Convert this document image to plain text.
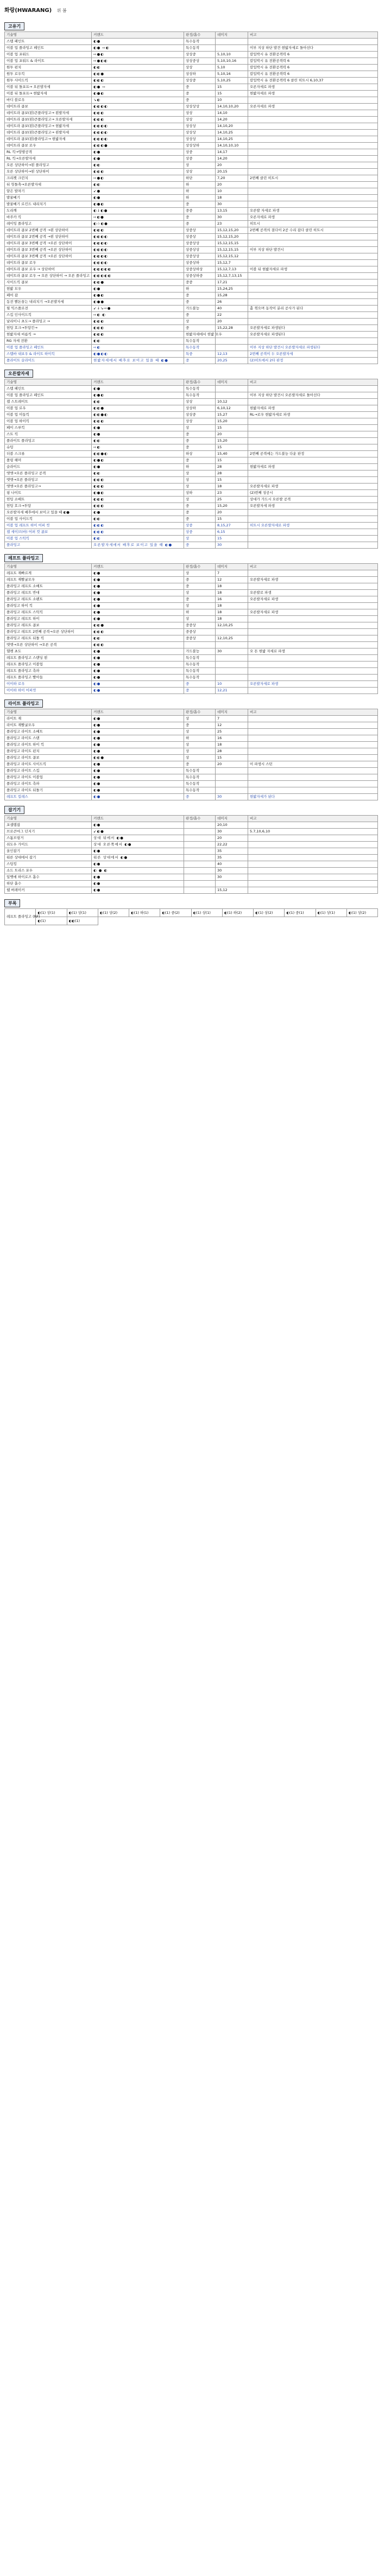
화랑(HWARANG) 위 봄
고유기
기술명	커맨드	판정/흡수	데미지	비고
스텝 페인트	◐●	특수동작		
이블 업 플라밍고 페인트	◐● ⇨◐	특수동작		이부 지상 하단 발견 현밟자세로 돌아선다
이블 업 포워드	⇨●◐	상상중	5,10,10	칼입박시 유 전환공격력 6
이블 업 포워드 & 라이트	⇨●◐◐	상상중상	5,10,10,16	칼입박시 유 전환공격력 6
원투 펀치	◐◐	상상	5,10	칼입박시 유 전환공격력 6
원투 로우킥	◐◐●	상상하	5,10,16	칼입박시 유 전환공격력 6
원투 사이드킥	◐◐◐	상상중	5,10,25	칼입박시 유 전환공격력 6 클린 히트시 6,10,37
이블 뒤 돌포프→ 오른발자세	◐● ⇨	중	15	오른자세로 파생
이블 뒤 돌포프→ 현밟자세	◐●◐	중	15	현밟자세로 파생
바디 블로우	↘◐	중	10	
데이트라 콤보	◐◐◐◐	상상상상	14,10,10,20	오른자세로 파생
데이트라 콤보(왼)큰플라밍고→ 왼발자세	◐◐◐	상상	14,10	
데이트라 콤보(왼)큰플라밍고→ 오른발자세	◐◐◐	상상	14,20	
데이트라 콤보(왼)큰플라밍고→ 현밟자세	◐◐◐◐	상상상	14,10,20	
데이트라 콤보(왼)큰플라밍고→ 왼발자세	◐◐◐◐	상상상	14,10,25	
데이트라 콤보(왼)플라밍고→ 현밟자세	◐◐◐◐	상상상	14,10,25	
데이트라 콤보 로우	◐◐◐●	상상상하	14,10,10,10	
RL 킥→양발공격	◐●	상중	14,17	
RL 킥→오른발자세	◐●	상중	14,20	
오른 상단하이→왼 플라밍고	◐◐	상	20	
오른 상단하이→왼 상단하이	◐◐◐	상상	20,15	
크리켓 크런치	⇨●◐	하단	7,20	2번째 클린 히트시
뒤 헛돌축→오른발자세	◐◐	하	20	
얕은 발차기	↙●	하	10	
발꿀베기	◐●	하	18	
발꿀베기 로킨드 내리치기	◐●◐	중	30	
도리깨	◐↓◐●	중중	13,15	오른발 자세로 파생
바주카 킥	⇨◐●	중	30	오른자세로 파생
레이잉 플라밍고	◐☆◐●	중	23	히트시
데이트라 콤보 2번째 공격 →왼 상단하이	◐◐◐	상중상	15,12,15,20	2번째 공격의 결다이 2공 수리 잡다 클린 히트시
데이트라 콤보 2번째 공격 →왼 상단하이	◐◐◐◐	상중상	15,12,15,20	
데이트라 콤보 3번째 공격 →오른 상단하이	◐◐◐◐	상중상상	15,12,15,15	
데이트라 콤보 3번째 공격 →오른 상단하이	◐◐◐◐	상중상상	15,12,15,15	이부 지상 하단 발견시
데이트라 콤보 3번째 공격 →오른 상단하이	◐◐◐◐	상중상상	15,12,15,12	
데이트라 콤보 로우	◐◐◐◐	상중상하	15,12,7	
데이트라 콤보 로우 → 상단하이	◐◐◐◐◐	상중상하상	15,12,7,13	이블 뒤 현밟자세로 파생
데이트라 콤보 로우 → 오른 상단하이 → 오른 플라밍고	◐◐◐◐◐	상중상하중	15,12,7,13,15	
사이드킥 콤보	◐◐●	중중	17,21	
현밟 모우	◐●	하	15,24,25	
페어 잡	◐●◐	중	15,28	
동전 빨돈꿈는 내리치기 →오른발자세	◐●●	중	26	
윌 익스플로전	↙↓↘⇨●	가드불능	40	홀 꺾으며 동작이 분리 공사가 된다
스킵 인사이드킥	⇨◐ ◐	중	22	
날리이니 초도→ 플라밍고 →	◐◐◐	상	20	
헌팅 호크→투탕킨→	◐◐◐	중	15,22,28	오른발자세로 파생된다
현밟자세 씨름킥 →	◐◐◐	현밟자세에서 헌밟 모우		오른발자세로 파생된다
RG 자세 전환	◐◐	특수동작		
이블 업 플라밍고 페인트	⇨◐	특수동작		이부 지상 하단 발견시 오른발자세로 파생된다
스텝바 내보우 & 라이트 하이킥	◐●◐◐	특중	12,13	2번째 공격이 두 오른발자세
플라이트 슬라이드	현밟자세에서 배후로 보이고 있을 때 ◐●	중	20,25	(2)히트에서 2타 판정
오른발자세
기술명	커맨드	판정/흡수	데미지	비고
스텝 페인트	◐●	특수동작		
이블 업 플라밍고 페인트	◐●◐	특수동작		이부 지상 하단 발견시 오른발자세로 돌아선다
잽 스트레이트	◐◐	상상	10,12	
이블 업 로우	◐◐●	상상하	6,10,12	현밟자세로 파생
이블 업 미들킥	◐◐●◐	상상중	15,27	RL→로우 현밟자세로 파생
이블 업 하이킥	◐◐◐	상상	15,20	
페이 스루킥	◐●	상	15	
스트 킥	◐●	중	20	
플라이트 플라밍고	◐◐	중	15,20	
슈팅	⇨◐	중	15	
더블 스크류	◐◐●◐	하상	15,40	2번째 공격에는 가드불능 다운 판정
폴링 해머	◐●◐	중	15	
슬라이드	◐●	하	28	현밟자세로 파생
엣엣→오른 플라밍고 공격	◐◐	상	28	
엣엣→오른 플라밍고	◐◐◐	상	15	
엣엣→오른 플라밍고→	◐◐◐	상	18	오른발자세로 파생
핑 나이트	◐●◐	상하	23	(2)번째 성공시
헌팅 소배트	◐◐◐	상	25	상대가 가드시 오른발 공격
헌팅 호크→투탕	◐◐◐	중	15,20	오른발자세 파생
오른발자세 배후에서 보이고 있을 때 ◐●	◐●	중	20	
이블 업 사이드킥	◐◐	중	15	
이블 업 레프트 하이 어퍼 컷	◐◐◐	상중	8,15,27	히트시 오른발자세로 파생
잽 세이브(바) 어퍼 컷 콤보	◐◐◐	상중	6,15	
이블 업 스틱킥	◐◐	상	15	
플라밍고	오른발자세에서 배후로 보이고 있을 때 ◐●	중	30	
레프트 플라밍고
기술명	커맨드	판정/흡수	데미지	비고
레프트 재빠르게	◐●	상	7	
레프트 재빨굴모우	◐●	중	12	오른발자세로 파생
플라밍고 레프트 소배트	◐●	중	18	
플라밍고 레프트 반대	◐●	상	18	오른발로 파생
플라밍고 레프트 소펜트	◐●	중	16	오른발자세로 파생
플라밍고 하이 킥	◐●	상	18	
플라밍고 레프트 스틱킥	◐●	하	18	오른발자세로 파생
플라밍고 레프트 하이	◐●	상	18	
플라밍고 레프트 콤보	◐◐●	중중상	12,10,25	
플라밍고 레프트 2번째 공격→오른 상단하이	◐◐◐	중중상		
플라밍고 레프트 뒤돌 킥	◐◐	중중상	12,10,25	
엣엣→오른 상단하이 →오른 공격	◐◐◐			
헬켓 초도	◐●	가드불능	30	오 튼 현밟 자세로 파생
레프트 플라밍고 스탠딩 왼	◐●	특수동작		
레프트 플라밍고 이블업	◐●	특수동작		
레프트 플라밍고 측파	◐●	특수동작		
레프트 플라밍고 빨아들	◐●	특수동작		
이이하 로우	◐●	중	10	오른발자세로 파생
이이하 하이 어퍼컷	◐●	중	12,21	
라이트 플라밍고
기술명	커맨드	판정/흡수	데미지	비고
라이트 재	◐●	상	7	
라이트 재빨굴모우	◐●	중	12	
플라밍고 라이트 소배트	◐●	상	25	
플라밍고 라이트 스탠	◐●	하	16	
플라밍고 라이트 하이 킥	◐●	상	18	
플라밍고 라이트 펀치	◐●	상	28	
플라밍고 라이트 콤보	◐◐●	상	15	
플라밍고 라이트 사이드킥	◐●	중	20	이 파생시 스턴
플라밍고 라이트 스킵	◐●	특수동작		
플라밍고 라이트 이블업	◐●	특수동작		
플라밍고 라이트 측파	◐●	특수동작		
플라밍고 라이트 뒤돌기	◐●	특수동작		
레프트 킬레스	◐●	중	30	현밟자세가 된다
잡기기
기술명	커맨드	판정/흡수	데미지	비고
포셉탭잡	◐●		20,10	
브로큰마그 던지기	↙◐●		30	5.7,10,6,10
스톰브링거	상대 뒤에서 ◐●		20	
쉬도우 가이드	상대 오른쪽에서 ◐●		22,22	
올인잡기	◐●		35	
워른 상대에서 잡기	워른 상대에서 ◐●		35	
스팅킹	◐●		40	
소드 트리스 포우	◐ ● ◐		30	
일벳에 하이로즈 흡수	◐●		30	
하단 흡수	◐●			
웹 버레이커	◐●		15,12	
부록
레프트 플라밍고 (RF)	◐(1) 상(1)	◐(1) 상(1)	◐(1) 상(2)	◐(1) 하(1)	◐(1) 중(2)	◐(1) 상(1)	◐(1) 하(2)	◐(1) 상(2)	◐(1) 중(1)	◐(1) 상(1)	◐(1) 상(2)
	◐(1)	◐◐(1)									
